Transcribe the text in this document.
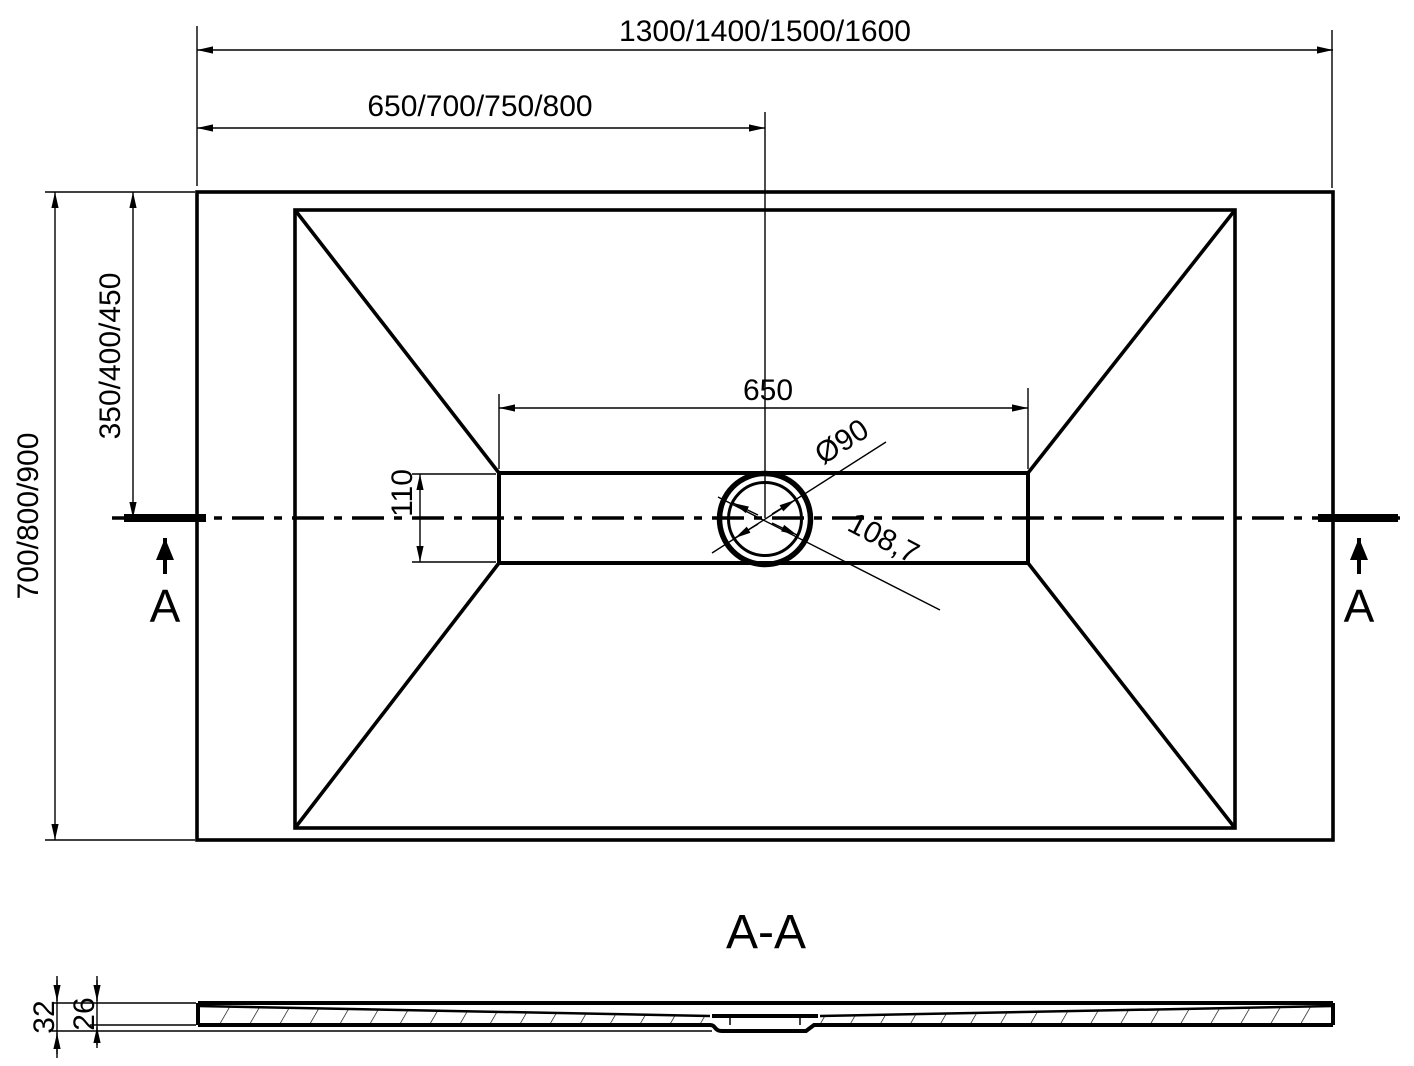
1300/1400/1500/1600
650/700/750/800
700/800/900
350/400/450	650
110
Ø90
108,7
A	A
A-A
32 26
